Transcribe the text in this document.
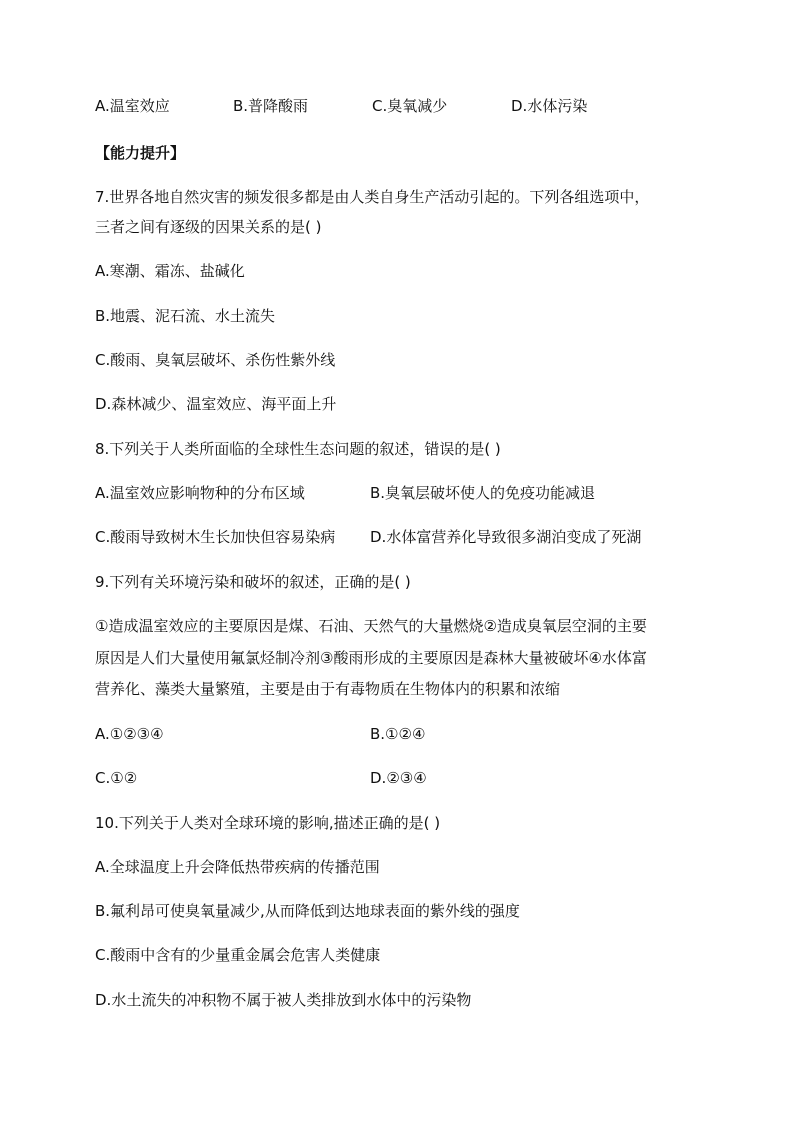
A.温室效应	B.普降酸雨	C.臭氧减少	D.水体污染
【能力提升】
7.世界各地自然灾害的频发很多都是由人类自身生产活动引起的。下列各组选项中，
三者之间有逐级的因果关系的是( )
A.寒潮、霜冻、盐碱化
B.地震、泥石流、水土流失
C.酸雨、臭氧层破坏、杀伤性紫外线
D.森林减少、温室效应、海平面上升
8.下列关于人类所面临的全球性生态问题的叙述，错误的是( )
A.温室效应影响物种的分布区域	B.臭氧层破坏使人的免疫功能减退
C.酸雨导致树木生长加快但容易染病	D.水体富营养化导致很多湖泊变成了死湖
9.下列有关环境污染和破坏的叙述，正确的是( )
①造成温室效应的主要原因是煤、石油、天然气的大量燃烧②造成臭氧层空洞的主要
原因是人们大量使用氟氯烃制冷剂③酸雨形成的主要原因是森林大量被破坏④水体富
营养化、藻类大量繁殖，主要是由于有毒物质在生物体内的积累和浓缩
A.①②③④	B.①②④
C.①②	D.②③④
10.下列关于人类对全球环境的影响,描述正确的是( )
A.全球温度上升会降低热带疾病的传播范围
B.氟利昂可使臭氧量减少,从而降低到达地球表面的紫外线的强度
C.酸雨中含有的少量重金属会危害人类健康
D.水土流失的冲积物不属于被人类排放到水体中的污染物
